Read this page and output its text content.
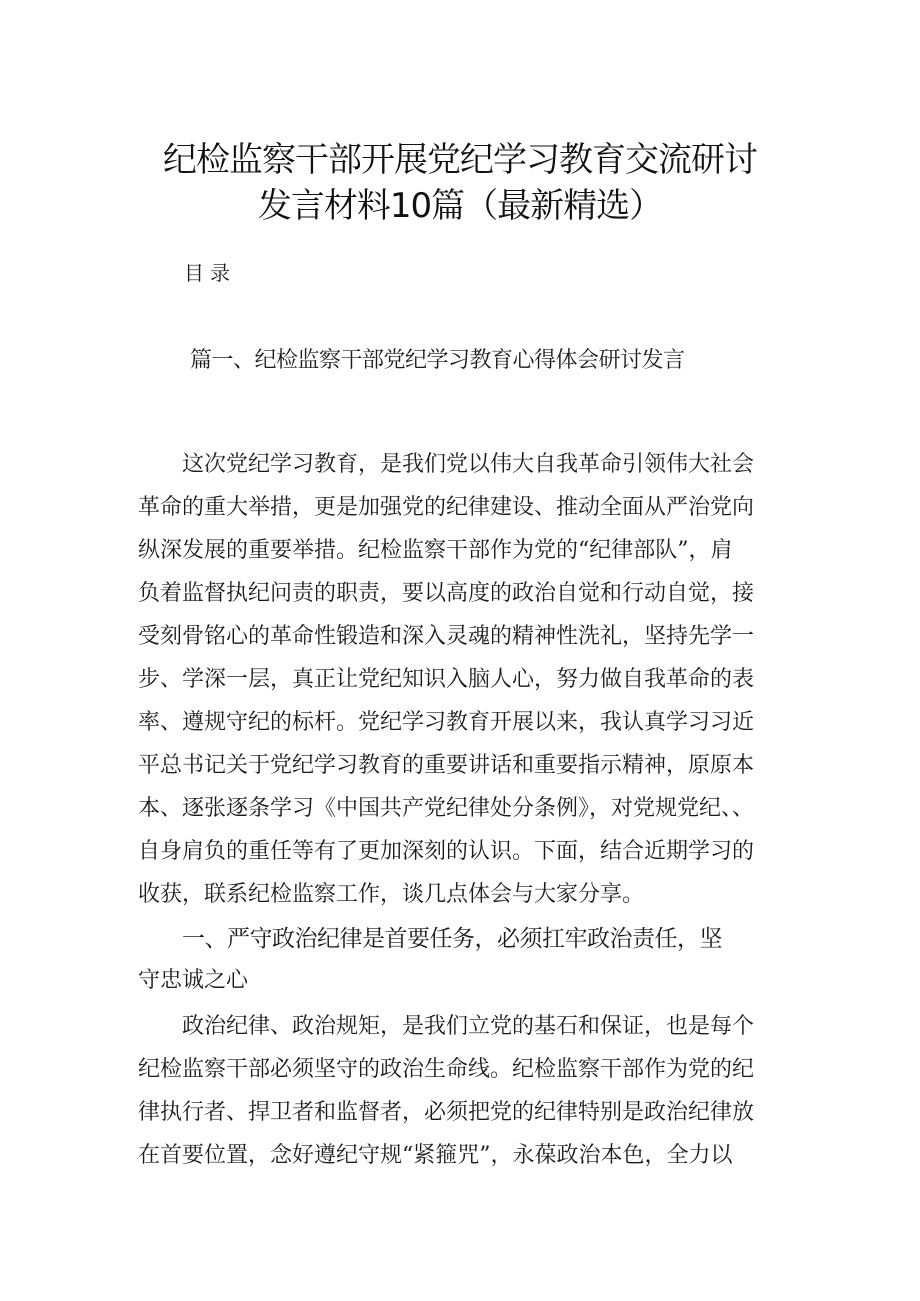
纪检监察干部开展党纪学习教育交流研讨
发言材料10篇（最新精选）
目录
篇一、纪检监察干部党纪学习教育心得体会研讨发言
这次党纪学习教育，是我们党以伟大自我革命引领伟大社会
革命的重大举措，更是加强党的纪律建设、推动全面从严治党向
纵深发展的重要举措。纪检监察干部作为党的“纪律部队”，肩
负着监督执纪问责的职责，要以高度的政治自觉和行动自觉，接
受刻骨铭心的革命性锻造和深入灵魂的精神性洗礼，坚持先学一
步、学深一层，真正让党纪知识入脑人心，努力做自我革命的表
率、遵规守纪的标杆。党纪学习教育开展以来，我认真学习习近
平总书记关于党纪学习教育的重要讲话和重要指示精神，原原本
本、逐张逐条学习《中国共产党纪律处分条例》，对党规党纪、、
自身肩负的重任等有了更加深刻的认识。下面，结合近期学习的
收获，联系纪检监察工作，谈几点体会与大家分享。
一、严守政治纪律是首要任务，必须扛牢政治责任，坚
守忠诚之心
政治纪律、政治规矩，是我们立党的基石和保证，也是每个
纪检监察干部必须坚守的政治生命线。纪检监察干部作为党的纪
律执行者、捍卫者和监督者，必须把党的纪律特别是政治纪律放
在首要位置，念好遵纪守规“紧箍咒”，永葆政治本色，全力以
